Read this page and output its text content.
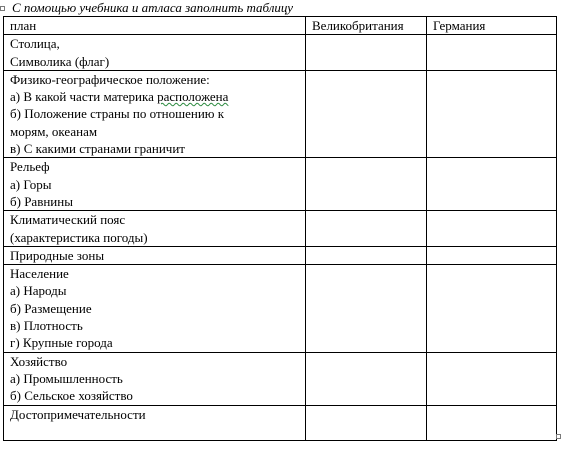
С помощью учебника и атласа заполнить таблицу
план	Великобритания	Германия

Столица,
Символика (флаг)		

Физико-географическое положение:
а) В какой части материка расположена
б) Положение страны по отношению к
морям, океанам
в) С какими странами граничит		

Рельеф
а) Горы
б) Равнины		

Климатический пояс
(характеристика погоды)		

Природные зоны		

Население
а) Народы
б) Размещение
в) Плотность
г) Крупные города		

Хозяйство
а) Промышленность
б) Сельское хозяйство		

Достопримечательности		
